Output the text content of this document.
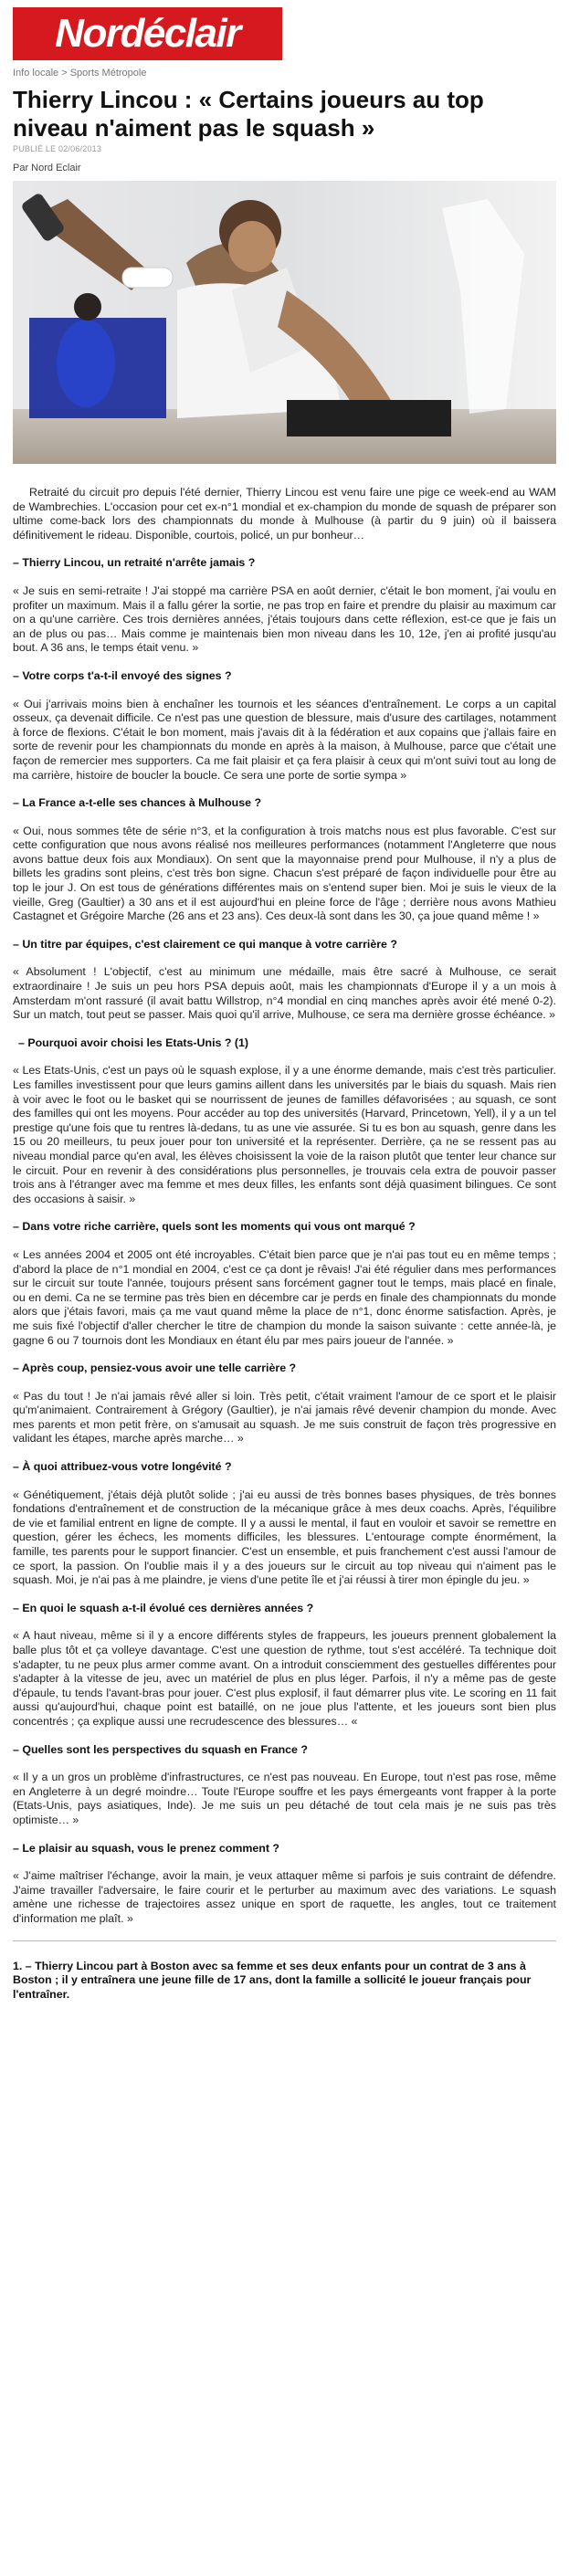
Nordéclair
Info locale > Sports Métropole
Thierry Lincou : « Certains joueurs au top niveau n'aiment pas le squash »
PUBLIÉ LE 02/06/2013
Par Nord Eclair

Retraité du circuit pro depuis l'été dernier, Thierry Lincou est venu faire une pige ce week-end au WAM de Wambrechies. L'occasion pour cet ex-n°1 mondial et ex-champion du monde de squash de préparer son ultime come-back lors des championnats du monde à Mulhouse (à partir du 9 juin) où il baissera définitivement le rideau. Disponible, courtois, policé, un pur bonheur…

– Thierry Lincou, un retraité n'arrête jamais ?

« Je suis en semi-retraite ! J'ai stoppé ma carrière PSA en août dernier, c'était le bon moment, j'ai voulu en profiter un maximum. Mais il a fallu gérer la sortie, ne pas trop en faire et prendre du plaisir au maximum car on a qu'une carrière. Ces trois dernières années, j'étais toujours dans cette réflexion, est-ce que je fais un an de plus ou pas… Mais comme je maintenais bien mon niveau dans les 10, 12e, j'en ai profité jusqu'au bout. A 36 ans, le temps était venu. »

– Votre corps t'a-t-il envoyé des signes ?

« Oui j'arrivais moins bien à enchaîner les tournois et les séances d'entraînement. Le corps a un capital osseux, ça devenait difficile. Ce n'est pas une question de blessure, mais d'usure des cartilages, notamment à force de flexions. C'était le bon moment, mais j'avais dit à la fédération et aux copains que j'allais faire en sorte de revenir pour les championnats du monde en après à la maison, à Mulhouse, parce que c'était une façon de remercier mes supporters. Ca me fait plaisir et ça fera plaisir à ceux qui m'ont suivi tout au long de ma carrière, histoire de boucler la boucle. Ce sera une porte de sortie sympa »

– La France a-t-elle ses chances à Mulhouse ?

« Oui, nous sommes tête de série n°3, et la configuration à trois matchs nous est plus favorable. C'est sur cette configuration que nous avons réalisé nos meilleures performances (notamment l'Angleterre que nous avons battue deux fois aux Mondiaux). On sent que la mayonnaise prend pour Mulhouse, il n'y a plus de billets les gradins sont pleins, c'est très bon signe. Chacun s'est préparé de façon individuelle pour être au top le jour J. On est tous de générations différentes mais on s'entend super bien. Moi je suis le vieux de la vieille, Greg (Gaultier) a 30 ans et il est aujourd'hui en pleine force de l'âge ; derrière nous avons Mathieu Castagnet et Grégoire Marche (26 ans et 23 ans). Ces deux-là sont dans les 30, ça joue quand même ! »

– Un titre par équipes, c'est clairement ce qui manque à votre carrière ?

« Absolument ! L'objectif, c'est au minimum une médaille, mais être sacré à Mulhouse, ce serait extraordinaire ! Je suis un peu hors PSA depuis août, mais les championnats d'Europe il y a un mois à Amsterdam m'ont rassuré (il avait battu Willstrop, n°4 mondial en cinq manches après avoir été mené 0-2). Sur un match, tout peut se passer. Mais quoi qu'il arrive, Mulhouse, ce sera ma dernière grosse échéance. »

– Pourquoi avoir choisi les Etats-Unis ? (1)

« Les Etats-Unis, c'est un pays où le squash explose, il y a une énorme demande, mais c'est très particulier. Les familles investissent pour que leurs gamins aillent dans les universités par le biais du squash. Mais rien à voir avec le foot ou le basket qui se nourrissent de jeunes de familles défavorisées ; au squash, ce sont des familles qui ont les moyens. Pour accéder au top des universités (Harvard, Princetown, Yell), il y a un tel prestige qu'une fois que tu rentres là-dedans, tu as une vie assurée. Si tu es bon au squash, genre dans les 15 ou 20 meilleurs, tu peux jouer pour ton université et la représenter. Derrière, ça ne se ressent pas au niveau mondial parce qu'en aval, les élèves choisissent la voie de la raison plutôt que tenter leur chance sur le circuit. Pour en revenir à des considérations plus personnelles, je trouvais cela extra de pouvoir passer trois ans à l'étranger avec ma femme et mes deux filles, les enfants sont déjà quasiment bilingues. Ce sont des occasions à saisir. »

– Dans votre riche carrière, quels sont les moments qui vous ont marqué ?

« Les années 2004 et 2005 ont été incroyables. C'était bien parce que je n'ai pas tout eu en même temps ; d'abord la place de n°1 mondial en 2004, c'est ce ça dont je rêvais! J'ai été régulier dans mes performances sur le circuit sur toute l'année, toujours présent sans forcément gagner tout le temps, mais placé en finale, ou en demi. Ca ne se termine pas très bien en décembre car je perds en finale des championnats du monde alors que j'étais favori, mais ça me vaut quand même la place de n°1, donc énorme satisfaction. Après, je me suis fixé l'objectif d'aller chercher le titre de champion du monde la saison suivante : cette année-là, je gagne 6 ou 7 tournois dont les Mondiaux en étant élu par mes pairs joueur de l'année. »

– Après coup, pensiez-vous avoir une telle carrière ?

« Pas du tout ! Je n'ai jamais rêvé aller si loin. Très petit, c'était vraiment l'amour de ce sport et le plaisir qu'm'animaient. Contrairement à Grégory (Gaultier), je n'ai jamais rêvé devenir champion du monde. Avec mes parents et mon petit frère, on s'amusait au squash. Je me suis construit de façon très progressive en validant les étapes, marche après marche… »

– À quoi attribuez-vous votre longévité ?

« Génétiquement, j'étais déjà plutôt solide ; j'ai eu aussi de très bonnes bases physiques, de très bonnes fondations d'entraînement et de construction de la mécanique grâce à mes deux coachs. Après, l'équilibre de vie et familial entrent en ligne de compte. Il y a aussi le mental, il faut en vouloir et savoir se remettre en question, gérer les échecs, les moments difficiles, les blessures. L'entourage compte énormément, la famille, tes parents pour le support financier. C'est un ensemble, et puis franchement c'est aussi l'amour de ce sport, la passion. On l'oublie mais il y a des joueurs sur le circuit au top niveau qui n'aiment pas le squash. Moi, je n'ai pas à me plaindre, je viens d'une petite île et j'ai réussi à tirer mon épingle du jeu. »

– En quoi le squash a-t-il évolué ces dernières années ?

« A haut niveau, même si il y a encore différents styles de frappeurs, les joueurs prennent globalement la balle plus tôt et ça volleye davantage. C'est une question de rythme, tout s'est accéléré. Ta technique doit s'adapter, tu ne peux plus armer comme avant. On a introduit consciemment des gestuelles différentes pour s'adapter à la vitesse de jeu, avec un matériel de plus en plus léger. Parfois, il n'y a même pas de geste d'épaule, tu tends l'avant-bras pour jouer. C'est plus explosif, il faut démarrer plus vite. Le scoring en 11 fait aussi qu'aujourd'hui, chaque point est bataillé, on ne joue plus l'attente, et les joueurs sont bien plus concentrés ; ça explique aussi une recrudescence des blessures… «

– Quelles sont les perspectives du squash en France ?

« Il y a un gros un problème d'infrastructures, ce n'est pas nouveau. En Europe, tout n'est pas rose, même en Angleterre à un degré moindre… Toute l'Europe souffre et les pays émergeants vont frapper à la porte (Etats-Unis, pays asiatiques, Inde). Je me suis un peu détaché de tout cela mais je ne suis pas très optimiste… »

– Le plaisir au squash, vous le prenez comment ?

« J'aime maîtriser l'échange, avoir la main, je veux attaquer même si parfois je suis contraint de défendre. J'aime travailler l'adversaire, le faire courir et le perturber au maximum avec des variations. Le squash amène une richesse de trajectoires assez unique en sport de raquette, les angles, tout ce traitement d'information me plaît. »

1. – Thierry Lincou part à Boston avec sa femme et ses deux enfants pour un contrat de 3 ans à Boston ; il y entraînera une jeune fille de 17 ans, dont la famille a sollicité le joueur français pour l'entraîner.
